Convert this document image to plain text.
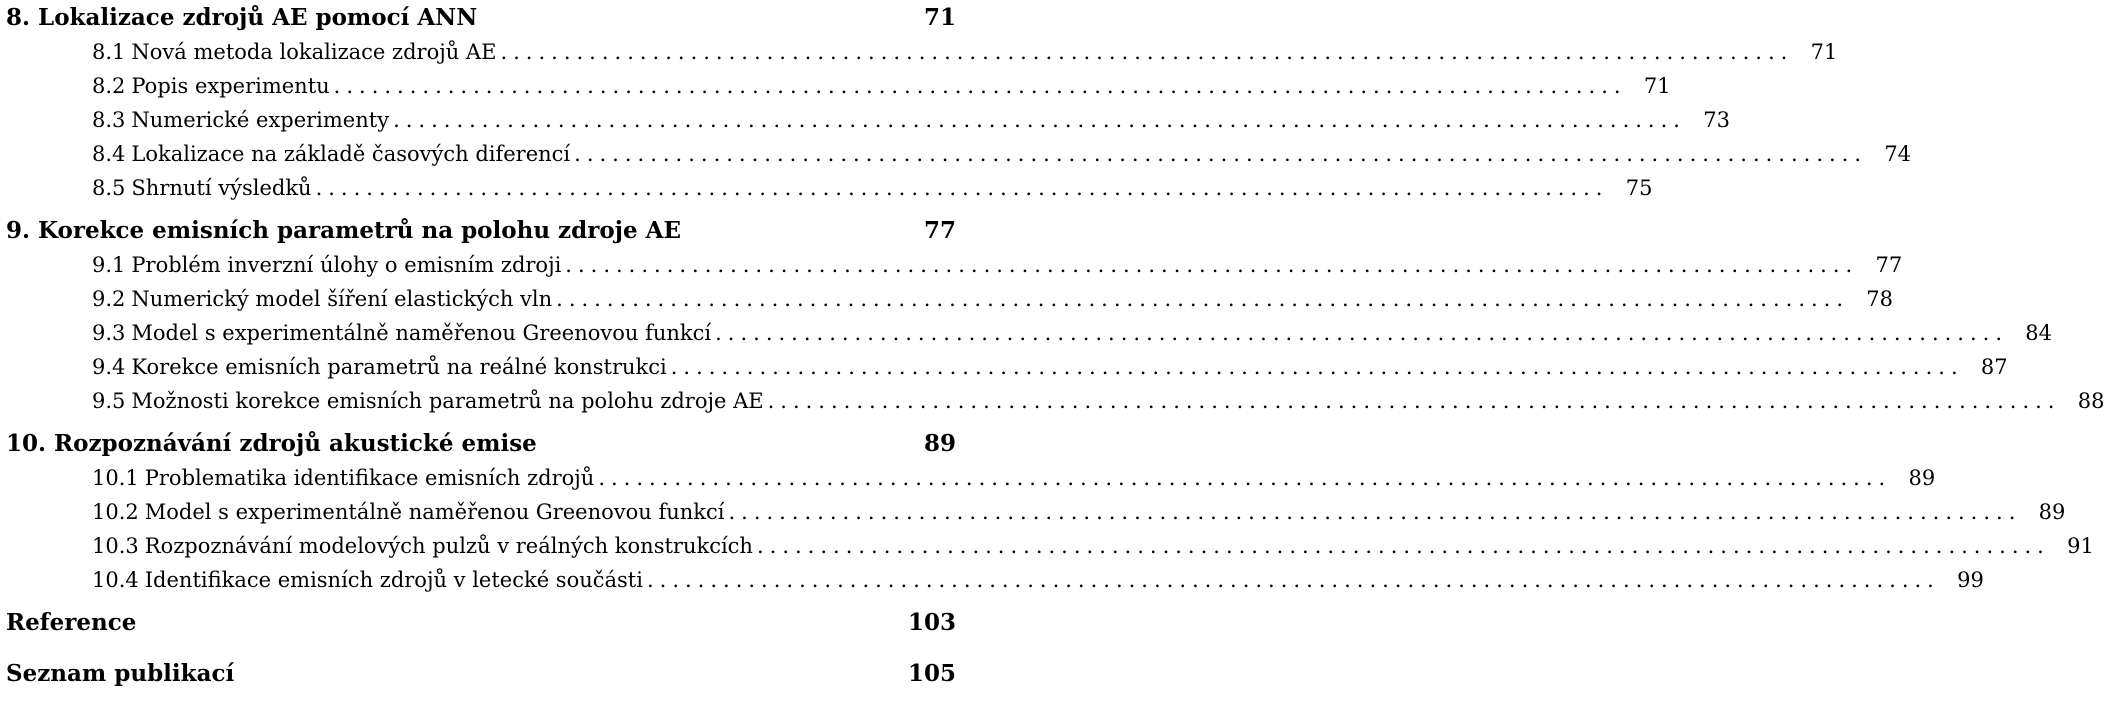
8. Lokalizace zdrojů AE pomocí ANN	71
8.1 Nová metoda lokalizace zdrojů AE ...................................................................................................... 71
8.2 Popis experimentu ...................................................................................................... 71
8.3 Numerické experimenty ...................................................................................................... 73
8.4 Lokalizace na základě časových diferencí ...................................................................................................... 74
8.5 Shrnutí výsledků ...................................................................................................... 75
9. Korekce emisních parametrů na polohu zdroje AE	77
9.1 Problém inverzní úlohy o emisním zdroji ...................................................................................................... 77
9.2 Numerický model šíření elastických vln ...................................................................................................... 78
9.3 Model s experimentálně naměřenou Greenovou funkcí ...................................................................................................... 84
9.4 Korekce emisních parametrů na reálné konstrukci ...................................................................................................... 87
9.5 Možnosti korekce emisních parametrů na polohu zdroje AE ...................................................................................................... 88
10. Rozpoznávání zdrojů akustické emise	89
10.1 Problematika identifikace emisních zdrojů ...................................................................................................... 89
10.2 Model s experimentálně naměřenou Greenovou funkcí ...................................................................................................... 89
10.3 Rozpoznávání modelových pulzů v reálných konstrukcích ...................................................................................................... 91
10.4 Identifikace emisních zdrojů v letecké součásti ...................................................................................................... 99
Reference	103
Seznam publikací	105
